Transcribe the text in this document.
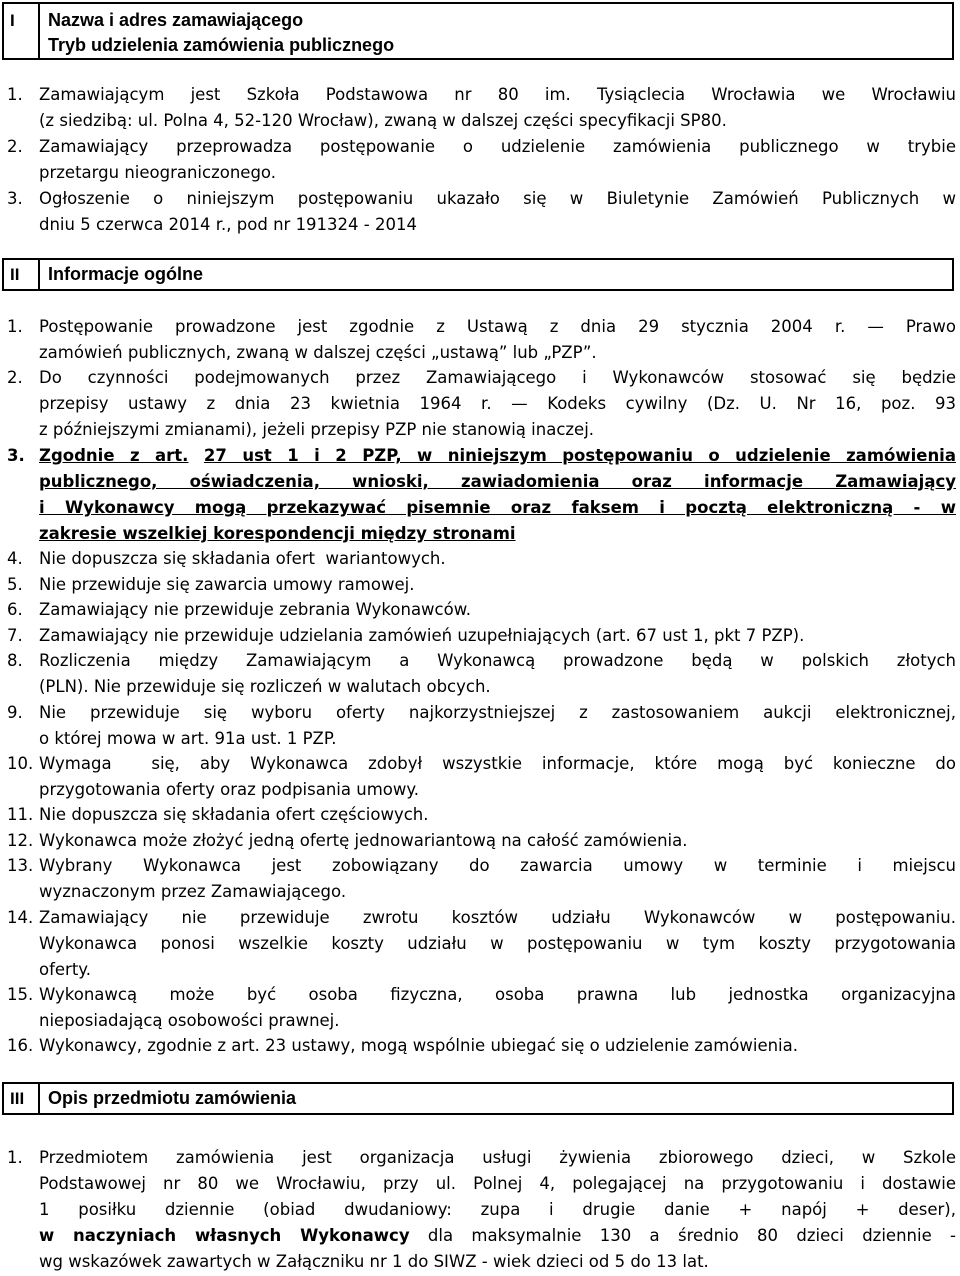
I	Nazwa i adres zamawiającego
Tryb udzielenia zamówienia publicznego
1. Zamawiającym jest Szkoła Podstawowa nr 80 im. Tysiąclecia Wrocławia we Wrocławiu
(z siedzibą: ul. Polna 4, 52-120 Wrocław), zwaną w dalszej części specyfikacji SP80.
2. Zamawiający przeprowadza postępowanie o udzielenie zamówienia publicznego w trybie
przetargu nieograniczonego.
3. Ogłoszenie o niniejszym postępowaniu ukazało się w Biuletynie Zamówień Publicznych w
dniu 5 czerwca 2014 r., pod nr 191324 - 2014
II	Informacje ogólne
1. Postępowanie prowadzone jest zgodnie z Ustawą z dnia 29 stycznia 2004 r. — Prawo
zamówień publicznych, zwaną w dalszej części „ustawą” lub „PZP”.
2. Do czynności podejmowanych przez Zamawiającego i Wykonawców stosować się będzie
przepisy ustawy z dnia 23 kwietnia 1964 r. — Kodeks cywilny (Dz. U. Nr 16, poz. 93
z późniejszymi zmianami), jeżeli przepisy PZP nie stanowią inaczej.
3. Zgodnie z art. 27 ust 1 i 2 PZP, w niniejszym postępowaniu o udzielenie zamówienia
publicznego, oświadczenia, wnioski, zawiadomienia oraz informacje Zamawiający
i Wykonawcy mogą przekazywać pisemnie oraz faksem i pocztą elektroniczną - w
zakresie wszelkiej korespondencji między stronami
4. Nie dopuszcza się składania ofert  wariantowych.
5. Nie przewiduje się zawarcia umowy ramowej.
6. Zamawiający nie przewiduje zebrania Wykonawców.
7. Zamawiający nie przewiduje udzielania zamówień uzupełniających (art. 67 ust 1, pkt 7 PZP).
8. Rozliczenia między Zamawiającym a Wykonawcą prowadzone będą w polskich złotych
(PLN). Nie przewiduje się rozliczeń w walutach obcych.
9. Nie przewiduje się wyboru oferty najkorzystniejszej z zastosowaniem aukcji elektronicznej,
o której mowa w art. 91a ust. 1 PZP.
10. Wymaga  się, aby Wykonawca zdobył wszystkie informacje, które mogą być konieczne do
przygotowania oferty oraz podpisania umowy.
11. Nie dopuszcza się składania ofert częściowych.
12. Wykonawca może złożyć jedną ofertę jednowariantową na całość zamówienia.
13. Wybrany Wykonawca jest zobowiązany do zawarcia umowy w terminie i miejscu
wyznaczonym przez Zamawiającego.
14. Zamawiający nie przewiduje zwrotu kosztów udziału Wykonawców w postępowaniu.
Wykonawca ponosi wszelkie koszty udziału w postępowaniu w tym koszty przygotowania
oferty.
15. Wykonawcą może być osoba fizyczna, osoba prawna lub jednostka organizacyjna
nieposiadającą osobowości prawnej.
16. Wykonawcy, zgodnie z art. 23 ustawy, mogą wspólnie ubiegać się o udzielenie zamówienia.
III	Opis przedmiotu zamówienia
1. Przedmiotem zamówienia jest organizacja usługi żywienia zbiorowego dzieci, w Szkole
Podstawowej nr 80 we Wrocławiu, przy ul. Polnej 4, polegającej na przygotowaniu i dostawie
1 posiłku dziennie (obiad dwudaniowy: zupa i drugie danie + napój + deser),
w naczyniach własnych Wykonawcy dla maksymalnie 130 a średnio 80 dzieci dziennie -
wg wskazówek zawartych w Załączniku nr 1 do SIWZ - wiek dzieci od 5 do 13 lat.
